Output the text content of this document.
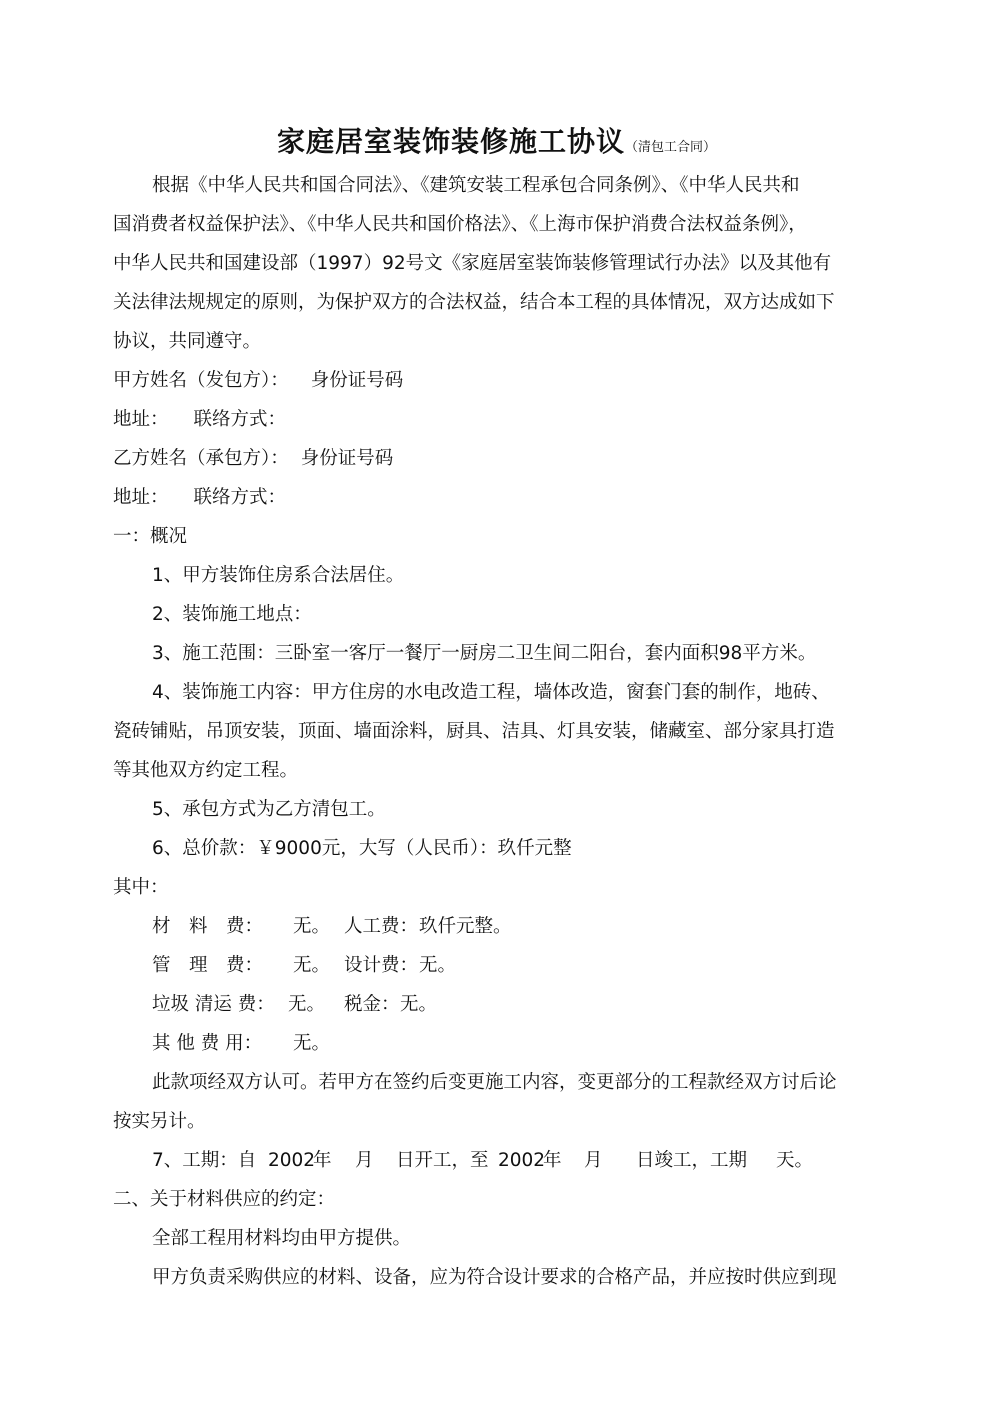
家庭居室装饰装修施工协议（清包工合同）
根据《中华人民共和国合同法》、《建筑安装工程承包合同条例》、《中华人民共和
国消费者权益保护法》、《中华人民共和国价格法》、《上海市保护消费合法权益条例》，
中华人民共和国建设部（1997）92号文《家庭居室装饰装修管理试行办法》以及其他有
关法律法规规定的原则，为保护双方的合法权益，结合本工程的具体情况，双方达成如下
协议，共同遵守。
甲方姓名（发包方）： 身份证号码
地址： 联络方式：
乙方姓名（承包方）： 身份证号码
地址： 联络方式：
一：概况
1、甲方装饰住房系合法居住。
2、装饰施工地点：
3、施工范围：三卧室一客厅一餐厅一厨房二卫生间二阳台，套内面积98平方米。
4、装饰施工内容：甲方住房的水电改造工程，墙体改造，窗套门套的制作，地砖、
瓷砖铺贴，吊顶安装，顶面、墙面涂料，厨具、洁具、灯具安装，储藏室、部分家具打造
等其他双方约定工程。
5、承包方式为乙方清包工。
6、总价款：￥9000元，大写（人民币）：玖仟元整
其中：
材　料　费： 无。 人工费： 玖仟元整。
管　理　费： 无。 设计费： 无。
垃圾 清运 费： 无。 税金： 无。
其 他 费 用： 无。
此款项经双方认可。若甲方在签约后变更施工内容，变更部分的工程款经双方讨后论
按实另计。
7、工期：自 2002
年 月 日开工，至 2002
年 月 日竣工，工期 天。
二、关于材料供应的约定：
全部工程用材料均由甲方提供。
甲方负责采购供应的材料、设备，应为符合设计要求的合格产品，并应按时供应到现
